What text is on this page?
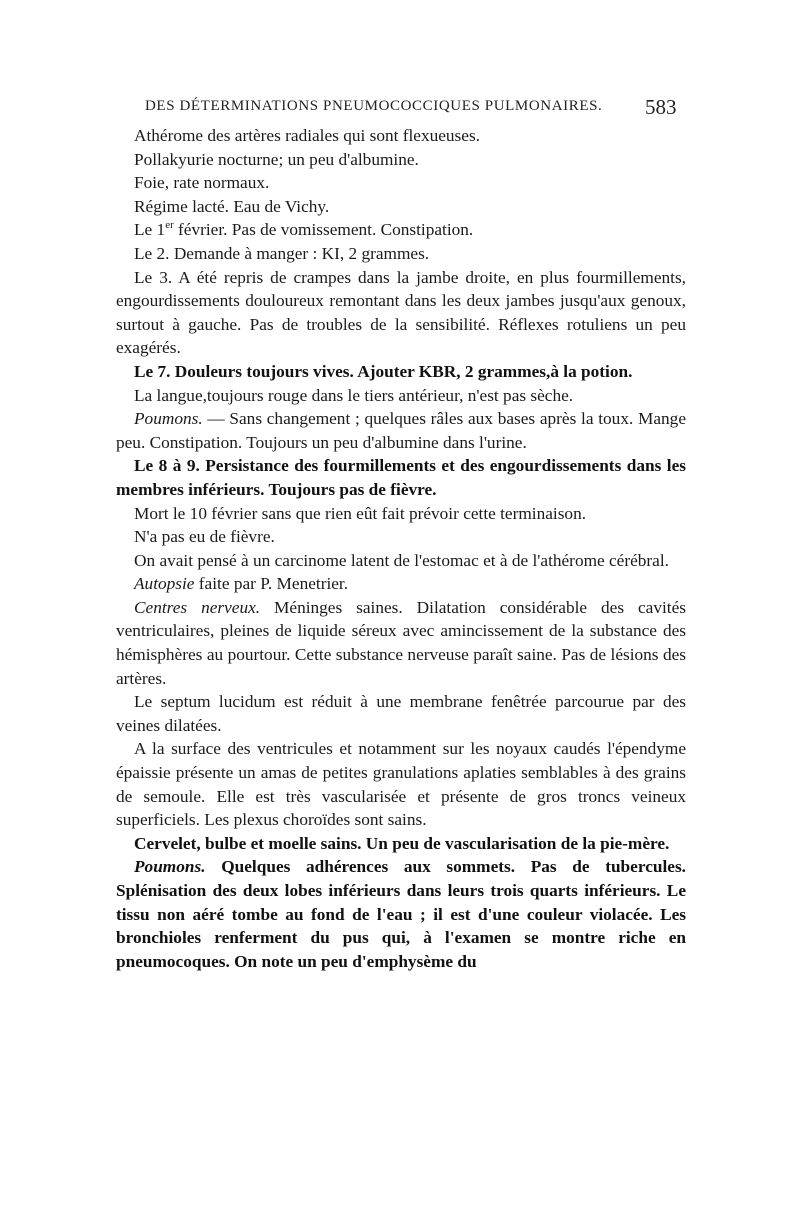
DES DÉTERMINATIONS PNEUMOCOCCIQUES PULMONAIRES. 583

Athérome des artères radiales qui sont flexueuses.

Pollakyurie nocturne; un peu d'albumine.

Foie, rate normaux.

Régime lacté. Eau de Vichy.

Le 1er février. Pas de vomissement. Constipation.

Le 2. Demande à manger : KI, 2 grammes.

Le 3. A été repris de crampes dans la jambe droite, en plus fourmillements, engourdissements douloureux remontant dans les deux jambes jusqu'aux genoux, surtout à gauche. Pas de troubles de la sensibilité. Réflexes rotuliens un peu exagérés.

Le 7. Douleurs toujours vives. Ajouter KBR, 2 grammes,à la potion.

La langue,toujours rouge dans le tiers antérieur, n'est pas sèche.

Poumons. — Sans changement ; quelques râles aux bases après la toux. Mange peu. Constipation. Toujours un peu d'albumine dans l'urine.

Le 8 à 9. Persistance des fourmillements et des engourdissements dans les membres inférieurs. Toujours pas de fièvre.

Mort le 10 février sans que rien eût fait prévoir cette terminaison.

N'a pas eu de fièvre.

On avait pensé à un carcinome latent de l'estomac et à de l'athérome cérébral.

Autopsie faite par P. Menetrier.

Centres nerveux. Méninges saines. Dilatation considérable des cavités ventriculaires, pleines de liquide séreux avec amincissement de la substance des hémisphères au pourtour. Cette substance nerveuse paraît saine. Pas de lésions des artères.

Le septum lucidum est réduit à une membrane fenêtrée parcourue par des veines dilatées.

A la surface des ventricules et notamment sur les noyaux caudés l'épendyme épaissie présente un amas de petites granulations aplaties semblables à des grains de semoule. Elle est très vascularisée et présente de gros troncs veineux superficiels. Les plexus choroïdes sont sains.

Cervelet, bulbe et moelle sains. Un peu de vascularisation de la pie-mère.

Poumons. Quelques adhérences aux sommets. Pas de tubercules. Splénisation des deux lobes inférieurs dans leurs trois quarts inférieurs. Le tissu non aéré tombe au fond de l'eau ; il est d'une couleur violacée. Les bronchioles renferment du pus qui, à l'examen se montre riche en pneumocoques. On note un peu d'emphysème du
